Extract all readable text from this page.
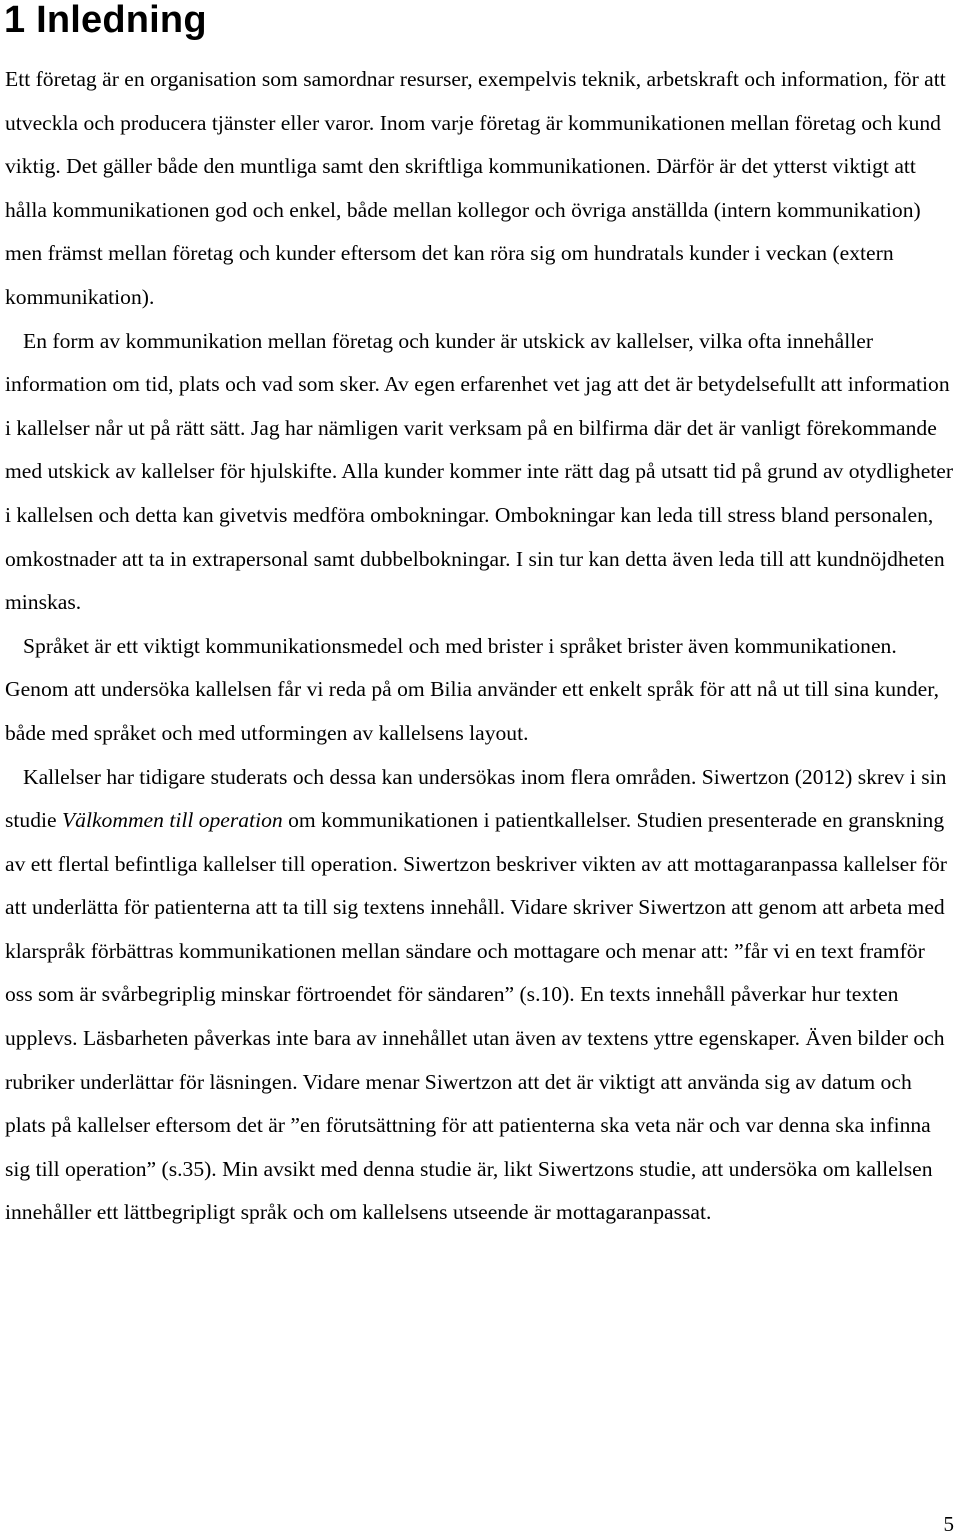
1 Inledning

Ett företag är en organisation som samordnar resurser, exempelvis teknik, arbetskraft och information, för att utveckla och producera tjänster eller varor. Inom varje företag är kommunikationen mellan företag och kund viktig. Det gäller både den muntliga samt den skriftliga kommunikationen. Därför är det ytterst viktigt att hålla kommunikationen god och enkel, både mellan kollegor och övriga anställda (intern kommunikation) men främst mellan företag och kunder eftersom det kan röra sig om hundratals kunder i veckan (extern kommunikation).

En form av kommunikation mellan företag och kunder är utskick av kallelser, vilka ofta innehåller information om tid, plats och vad som sker. Av egen erfarenhet vet jag att det är betydelsefullt att information i kallelser når ut på rätt sätt. Jag har nämligen varit verksam på en bilfirma där det är vanligt förekommande med utskick av kallelser för hjulskifte. Alla kunder kommer inte rätt dag på utsatt tid på grund av otydligheter i kallelsen och detta kan givetvis medföra ombokningar. Ombokningar kan leda till stress bland personalen, omkostnader att ta in extrapersonal samt dubbelbokningar. I sin tur kan detta även leda till att kundnöjdheten minskas.

Språket är ett viktigt kommunikationsmedel och med brister i språket brister även kommunikationen. Genom att undersöka kallelsen får vi reda på om Bilia använder ett enkelt språk för att nå ut till sina kunder, både med språket och med utformingen av kallelsens layout.

Kallelser har tidigare studerats och dessa kan undersökas inom flera områden. Siwertzon (2012) skrev i sin studie Välkommen till operation om kommunikationen i patientkallelser. Studien presenterade en granskning av ett flertal befintliga kallelser till operation. Siwertzon beskriver vikten av att mottagaranpassa kallelser för att underlätta för patienterna att ta till sig textens innehåll. Vidare skriver Siwertzon att genom att arbeta med klarspråk förbättras kommunikationen mellan sändare och mottagare och menar att: ”får vi en text framför oss som är svårbegriplig minskar förtroendet för sändaren” (s.10). En texts innehåll påverkar hur texten upplevs. Läsbarheten påverkas inte bara av innehållet utan även av textens yttre egenskaper. Även bilder och rubriker underlättar för läsningen. Vidare menar Siwertzon att det är viktigt att använda sig av datum och plats på kallelser eftersom det är ”en förutsättning för att patienterna ska veta när och var denna ska infinna sig till operation” (s.35). Min avsikt med denna studie är, likt Siwertzons studie, att undersöka om kallelsen innehåller ett lättbegripligt språk och om kallelsens utseende är mottagaranpassat.

5
